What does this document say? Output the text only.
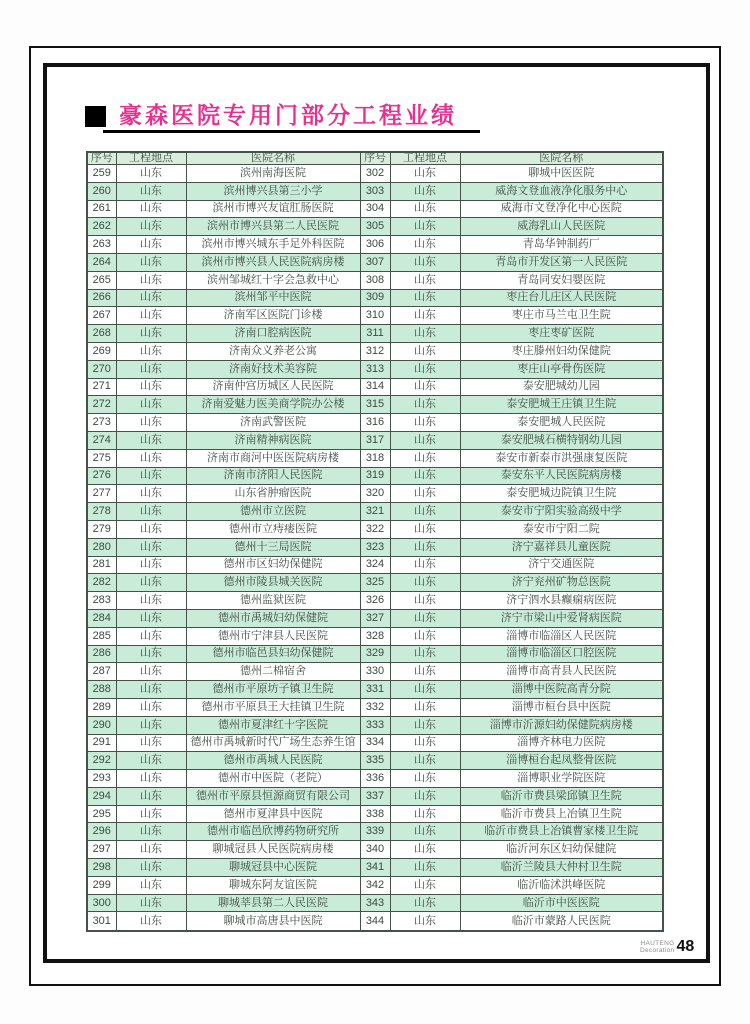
豪森医院专用门部分工程业绩
序号	工程地点	医院名称	序号	工程地点	医院名称
259	山东	滨州南海医院	302	山东	聊城中医医院
260	山东	滨州博兴县第三小学	303	山东	威海文登血液净化服务中心
261	山东	滨州市博兴友谊肛肠医院	304	山东	威海市文登净化中心医院
262	山东	滨州市博兴县第二人民医院	305	山东	威海乳山人民医院
263	山东	滨州市博兴城东手足外科医院	306	山东	青岛华钟制药厂
264	山东	滨州市博兴县人民医院病房楼	307	山东	青岛市开发区第一人民医院
265	山东	滨州邹城红十字会急救中心	308	山东	青岛同安妇婴医院
266	山东	滨州邹平中医院	309	山东	枣庄台儿庄区人民医院
267	山东	济南军区医院门诊楼	310	山东	枣庄市马兰屯卫生院
268	山东	济南口腔病医院	311	山东	枣庄枣矿医院
269	山东	济南众义养老公寓	312	山东	枣庄滕州妇幼保健院
270	山东	济南好技术美容院	313	山东	枣庄山亭骨伤医院
271	山东	济南仲宫历城区人民医院	314	山东	泰安肥城幼儿园
272	山东	济南爱魅力医美商学院办公楼	315	山东	泰安肥城王庄镇卫生院
273	山东	济南武警医院	316	山东	泰安肥城人民医院
274	山东	济南精神病医院	317	山东	泰安肥城石横特钢幼儿园
275	山东	济南市商河中医医院病房楼	318	山东	泰安市新泰市洪强康复医院
276	山东	济南市济阳人民医院	319	山东	泰安东平人民医院病房楼
277	山东	山东省肿瘤医院	320	山东	泰安肥城边院镇卫生院
278	山东	德州市立医院	321	山东	泰安市宁阳实验高级中学
279	山东	德州市立痔瘘医院	322	山东	泰安市宁阳二院
280	山东	德州十三局医院	323	山东	济宁嘉祥县儿童医院
281	山东	德州市区妇幼保健院	324	山东	济宁交通医院
282	山东	德州市陵县城关医院	325	山东	济宁兖州矿物总医院
283	山东	德州监狱医院	326	山东	济宁泗水县癫痫病医院
284	山东	德州市禹城妇幼保健院	327	山东	济宁市梁山中爱肾病医院
285	山东	德州市宁津县人民医院	328	山东	淄博市临淄区人民医院
286	山东	德州市临邑县妇幼保健院	329	山东	淄博市临淄区口腔医院
287	山东	德州二棉宿舍	330	山东	淄博市高青县人民医院
288	山东	德州市平原坊子镇卫生院	331	山东	淄博中医院高青分院
289	山东	德州市平原县王大挂镇卫生院	332	山东	淄博市桓台县中医院
290	山东	德州市夏津红十字医院	333	山东	淄博市沂源妇幼保健院病房楼
291	山东	德州市禹城新时代广场生态养生馆	334	山东	淄博齐林电力医院
292	山东	德州市禹城人民医院	335	山东	淄博桓台起凤整骨医院
293	山东	德州市中医院（老院）	336	山东	淄博职业学院医院
294	山东	德州市平原县恒源商贸有限公司	337	山东	临沂市费县梁邱镇卫生院
295	山东	德州市夏津县中医院	338	山东	临沂市费县上冶镇卫生院
296	山东	德州市临邑欣博药物研究所	339	山东	临沂市费县上冶镇曹家楼卫生院
297	山东	聊城冠县人民医院病房楼	340	山东	临沂河东区妇幼保健院
298	山东	聊城冠县中心医院	341	山东	临沂兰陵县大仲村卫生院
299	山东	聊城东阿友谊医院	342	山东	临沂临沭洪峰医院
300	山东	聊城莘县第二人民医院	343	山东	临沂市中医医院
301	山东	聊城市高唐县中医院	344	山东	临沂市蒙路人民医院
HAUTENG
Decoration 48
